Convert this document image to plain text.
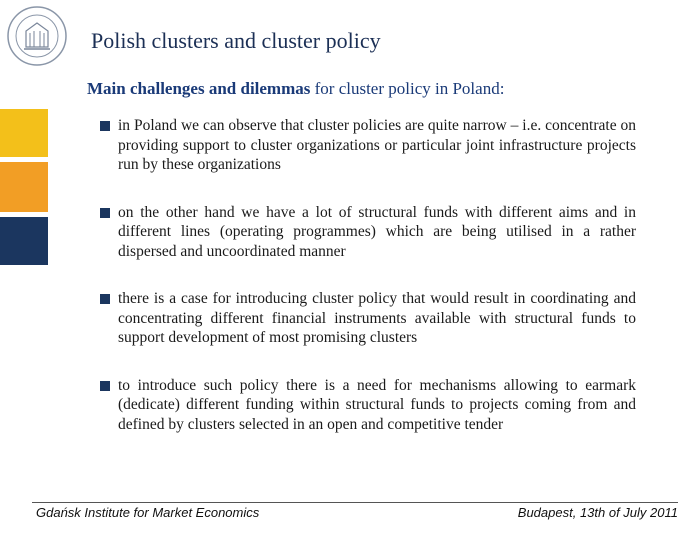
Polish clusters and cluster policy
Main challenges and dilemmas for cluster policy in Poland:
in Poland we can observe that cluster policies are quite narrow – i.e. concentrate on providing support to cluster organizations or particular joint infrastructure projects run by these organizations
on the other hand we have a lot of structural funds with different aims and in different lines (operating programmes) which are being utilised in a rather dispersed and uncoordinated manner
there is a case for introducing cluster policy that would result in coordinating and concentrating different financial instruments available with structural funds to support development of most promising clusters
to introduce such policy there is a need for mechanisms allowing to earmark (dedicate) different funding within structural funds to projects coming from and defined by clusters selected in an open and competitive tender
Gdańsk Institute for Market Economics	Budapest, 13th of July 2011
